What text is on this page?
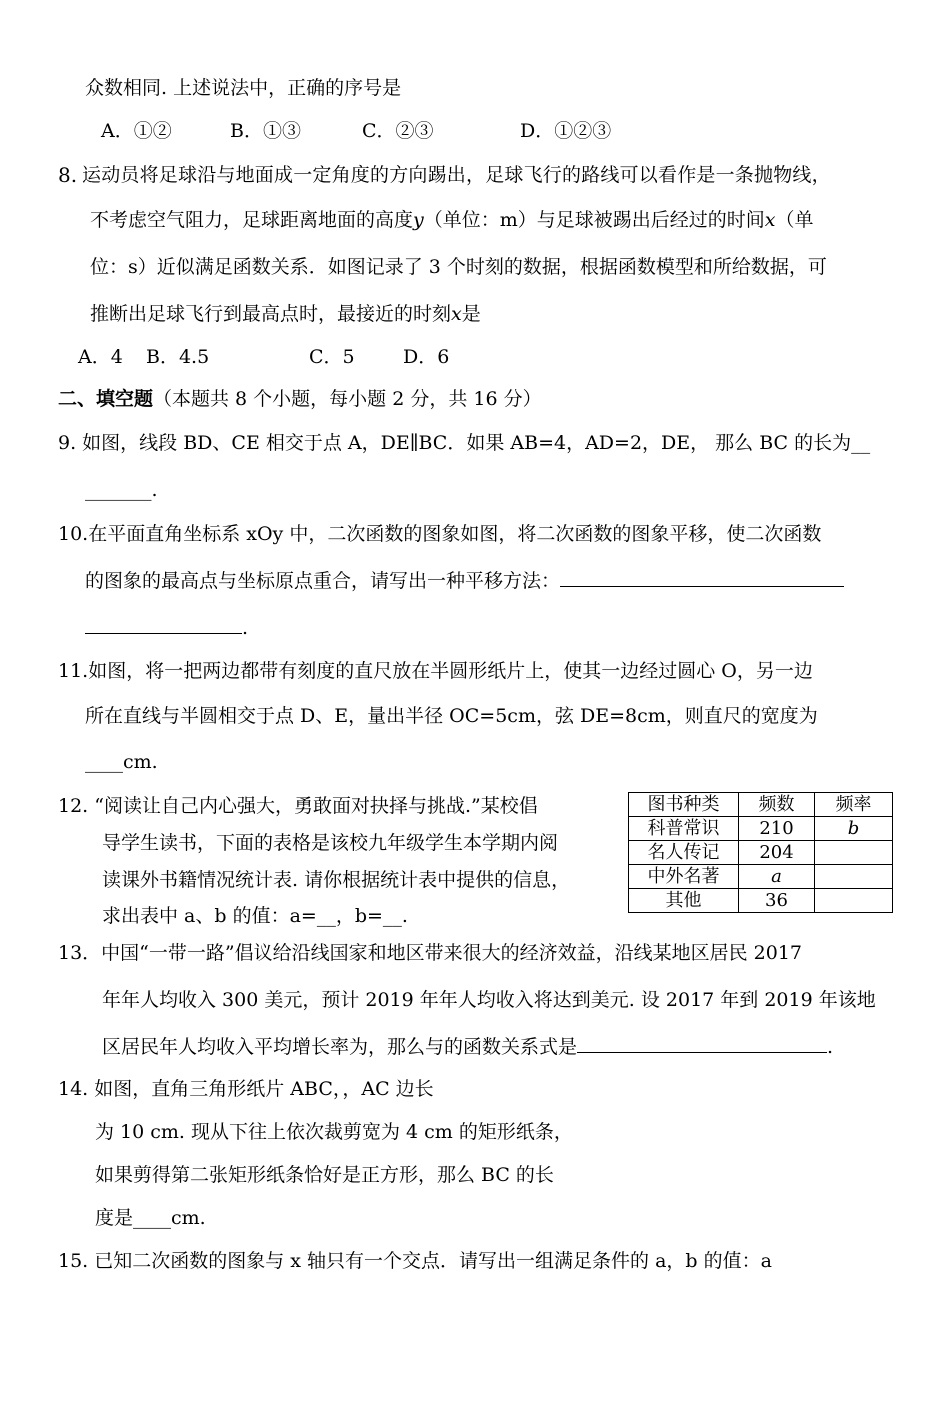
众数相同. 上述说法中，正确的序号是
A．①②	B．①③	C．②③	D．①②③
8. 运动员将足球沿与地面成一定角度的方向踢出，足球飞行的路线可以看作是一条抛物线，
不考虑空气阻力，足球距离地面的高度y（单位：m）与足球被踢出后经过的时间x（单
位：s）近似满足函数关系．如图记录了 3 个时刻的数据，根据函数模型和所给数据，可
推断出足球飞行到最高点时，最接近的时刻x是
A．4 B．4.5	C．5	D．6
二、填空题（本题共 8 个小题，每小题 2 分，共 16 分）
9. 如图，线段 BD、CE 相交于点 A，DE∥BC．如果 AB=4，AD=2，DE， 那么 BC 的长为__
_______.
10.在平面直角坐标系 xOy 中，二次函数的图象如图，将二次函数的图象平移，使二次函数
的图象的最高点与坐标原点重合，请写出一种平移方法：
.
11.如图，将一把两边都带有刻度的直尺放在半圆形纸片上，使其一边经过圆心 O，另一边
所在直线与半圆相交于点 D、E，量出半径 OC=5cm，弦 DE=8cm，则直尺的宽度为
____cm.
12. “阅读让自己内心强大，勇敢面对抉择与挑战.”某校倡
导学生读书，下面的表格是该校九年级学生本学期内阅
读课外书籍情况统计表. 请你根据统计表中提供的信息，
求出表中 a、b 的值：a=__，b=__.
图书种类	频数	频率
科普常识	210	b
名人传记	204	
中外名著	a	
其他	36	
13．中国“一带一路”倡议给沿线国家和地区带来很大的经济效益，沿线某地区居民 2017
年年人均收入 300 美元，预计 2019 年年人均收入将达到美元. 设 2017 年到 2019 年该地
区居民年人均收入平均增长率为，那么与的函数关系式是	.
14. 如图，直角三角形纸片 ABC，，AC 边长
为 10 cm. 现从下往上依次裁剪宽为 4 cm 的矩形纸条，
如果剪得第二张矩形纸条恰好是正方形，那么 BC 的长
度是____cm.
15. 已知二次函数的图象与 x 轴只有一个交点．请写出一组满足条件的 a，b 的值：a
